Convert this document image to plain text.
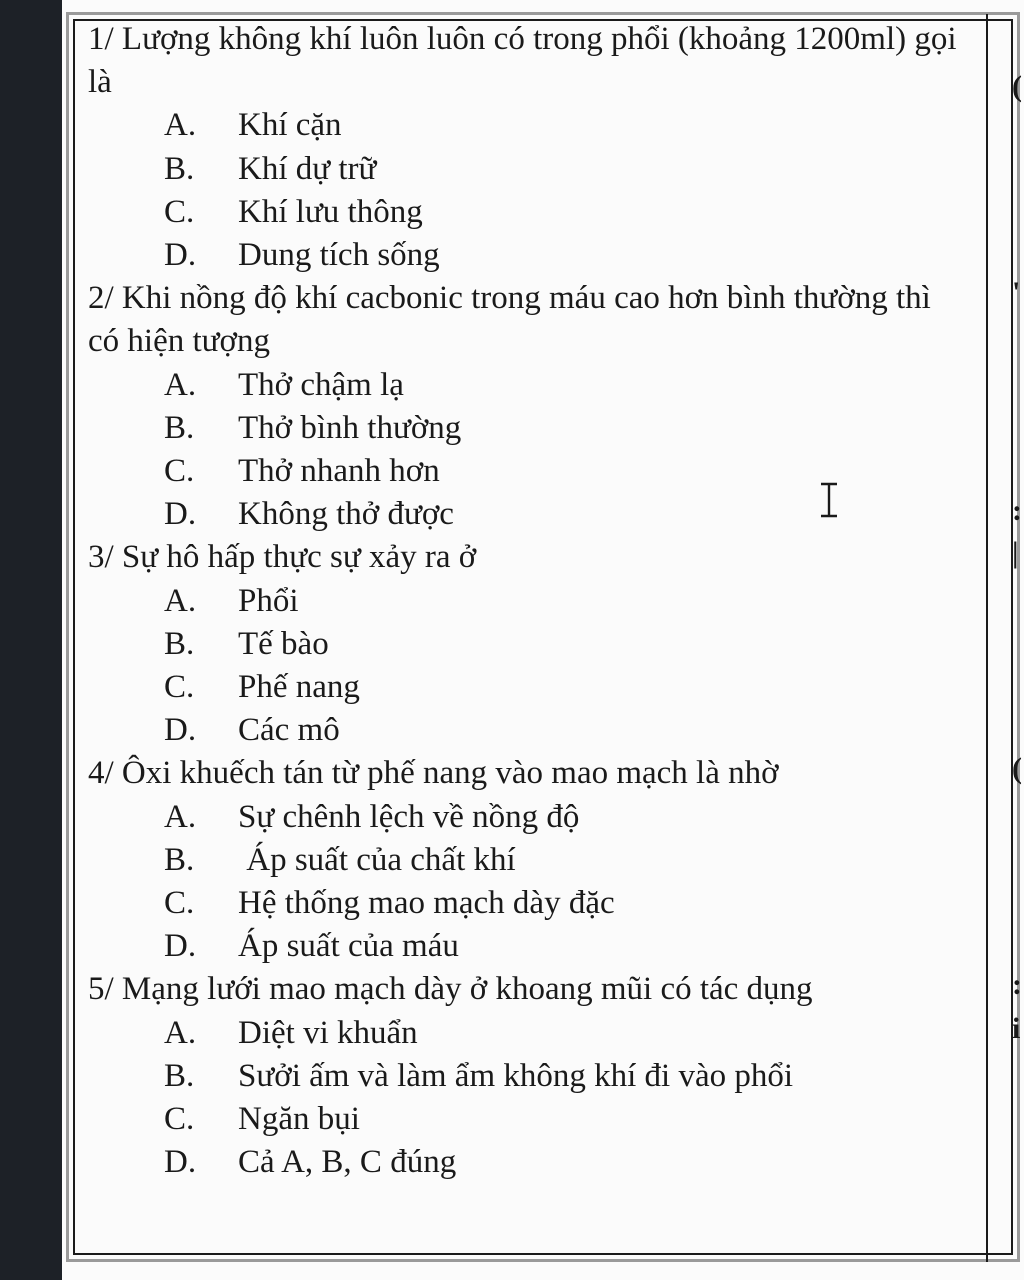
1/ Lượng không khí luôn luôn có trong phổi (khoảng 1200ml) gọi là

A.	Khí cặn
B.	Khí dự trữ
C.	Khí lưu thông
D.	Dung tích sống

2/ Khi nồng độ khí cacbonic trong máu cao hơn bình thường thì có hiện tượng

A.	Thở chậm lạ
B.	Thở bình thường
C.	Thở nhanh hơn
D.	Không thở được

3/ Sự hô hấp thực sự xảy ra ở

A.	Phổi
B.	Tế bào
C.	Phế nang
D.	Các mô

4/ Ôxi khuếch tán từ phế nang vào mao mạch là nhờ

A.	Sự chênh lệch về nồng độ
B.	Áp suất của chất khí
C.	Hệ thống mao mạch dày đặc
D.	Áp suất của máu

5/ Mạng lưới mao mạch dày ở khoang mũi có tác dụng

A.	Diệt vi khuẩn
B.	Sưởi ấm và làm ẩm không khí đi vào phổi
C.	Ngăn bụi
D.	Cả A, B, C đúng
(
'
:
|
(
:
i
